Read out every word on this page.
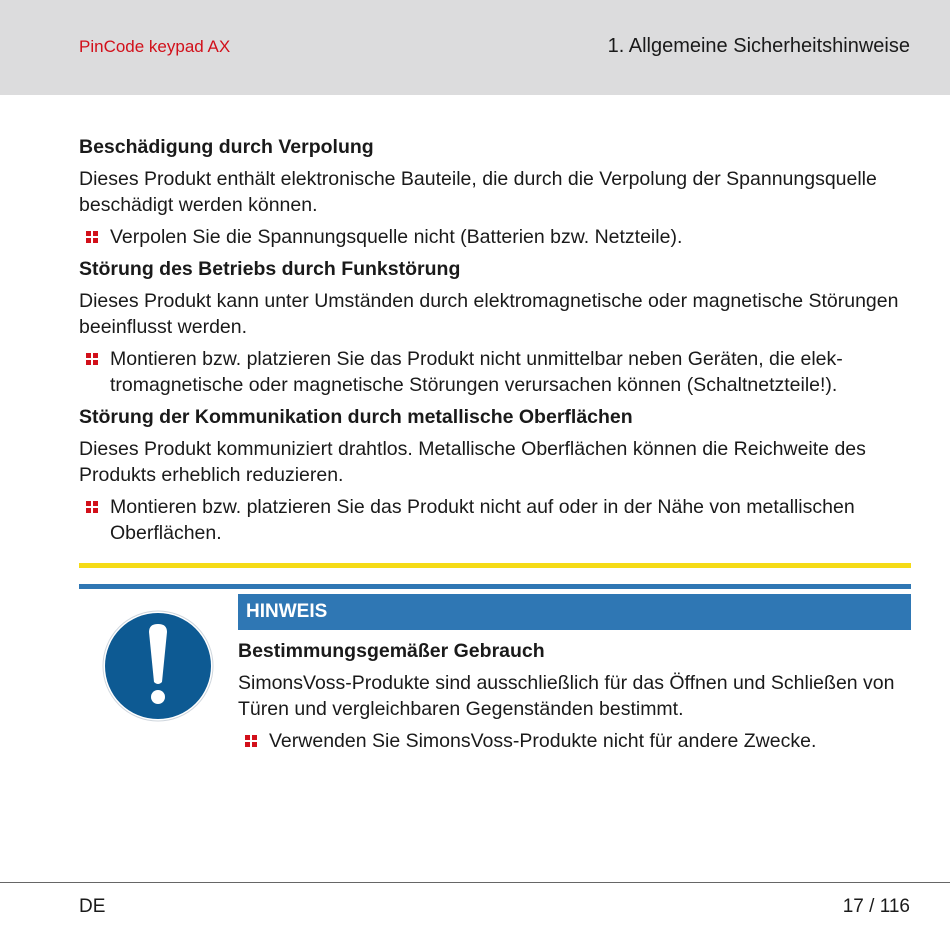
PinCode keypad AX	1. Allgemeine Sicherheitshinweise
Beschädigung durch Verpolung
Dieses Produkt enthält elektronische Bauteile, die durch die Verpolung der Spannungsquelle beschädigt werden können.
Verpolen Sie die Spannungsquelle nicht (Batterien bzw. Netzteile).
Störung des Betriebs durch Funkstörung
Dieses Produkt kann unter Umständen durch elektromagnetische oder magnetische Störungen beeinflusst werden.
Montieren bzw. platzieren Sie das Produkt nicht unmittelbar neben Geräten, die elektromagnetische oder magnetische Störungen verursachen können (Schaltnetzteile!).
Störung der Kommunikation durch metallische Oberflächen
Dieses Produkt kommuniziert drahtlos. Metallische Oberflächen können die Reichweite des Produkts erheblich reduzieren.
Montieren bzw. platzieren Sie das Produkt nicht auf oder in der Nähe von metallischen Oberflächen.
HINWEIS
Bestimmungsgemäßer Gebrauch
SimonsVoss-Produkte sind ausschließlich für das Öffnen und Schließen von Türen und vergleichbaren Gegenständen bestimmt.
Verwenden Sie SimonsVoss-Produkte nicht für andere Zwecke.
DE	17 / 116
